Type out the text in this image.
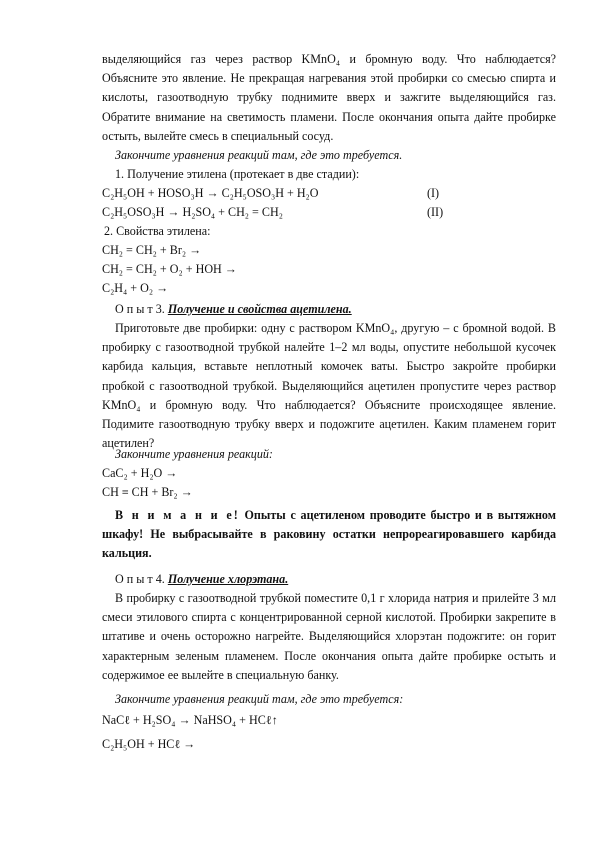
выделяющийся газ через раствор KMnO₄ и бромную воду. Что наблюдается? Объясните это явление. Не прекращая нагревания этой пробирки со смесью спирта и кислоты, газоотводную трубку поднимите вверх и зажгите выделяющийся газ. Обратите внимание на светимость пламени. После окончания опыта дайте пробирке остыть, вылейте смесь в специальный сосуд.

Закончите уравнения реакций там, где это требуется.
1. Получение этилена (протекает в две стадии):
C₂H₅OH + HOSO₃H → C₂H₅OSO₃H + H₂O	(I)
C₂H₅OSO₃H → H₂SO₄ + CH₂ = CH₂	(II)
2. Свойства этилена:
CH₂ = CH₂ + Br₂ →
CH₂ = CH₂ + O₂ + HOH →
C₂H₄ + O₂ →
О п ы т 3. Получение и свойства ацетилена.

Приготовьте две пробирки: одну с раствором KMnO₄, другую – с бромной водой. В пробирку с газоотводной трубкой налейте 1–2 мл воды, опустите небольшой кусочек карбида кальция, вставьте неплотный комочек ваты. Быстро закройте пробирки пробкой с газоотводной трубкой. Выделяющийся ацетилен пропустите через раствор KMnO₄ и бромную воду. Что наблюдается? Объясните происходящее явление. Подимите газоотводную трубку вверх и подожгите ацетилен. Каким пламенем горит ацетилен?

Закончите уравнения реакций:
CaC₂ + H₂O →
CH ≡ CH + Br₂ →

В н и м а н и е! Опыты с ацетиленом проводите быстро и в вытяжном шкафу! Не выбрасывайте в раковину остатки непрореагировавшего карбида кальция.

О п ы т 4. Получение хлорэтана.

В пробирку с газоотводной трубкой поместите 0,1 г хлорида натрия и прилейте 3 мл смеси этилового спирта с концентрированной серной кислотой. Пробирки закрепите в штативе и очень осторожно нагрейте. Выделяющийся хлорэтан подожгите: он горит характерным зеленым пламенем. После окончания опыта дайте пробирке остыть и содержимое ее вылейте в специальную банку.

Закончите уравнения реакций там, где это требуется:
NaCℓ + H₂SO₄ → NaHSO₄ + HCℓ↑
C₂H₅OH + HCℓ →
